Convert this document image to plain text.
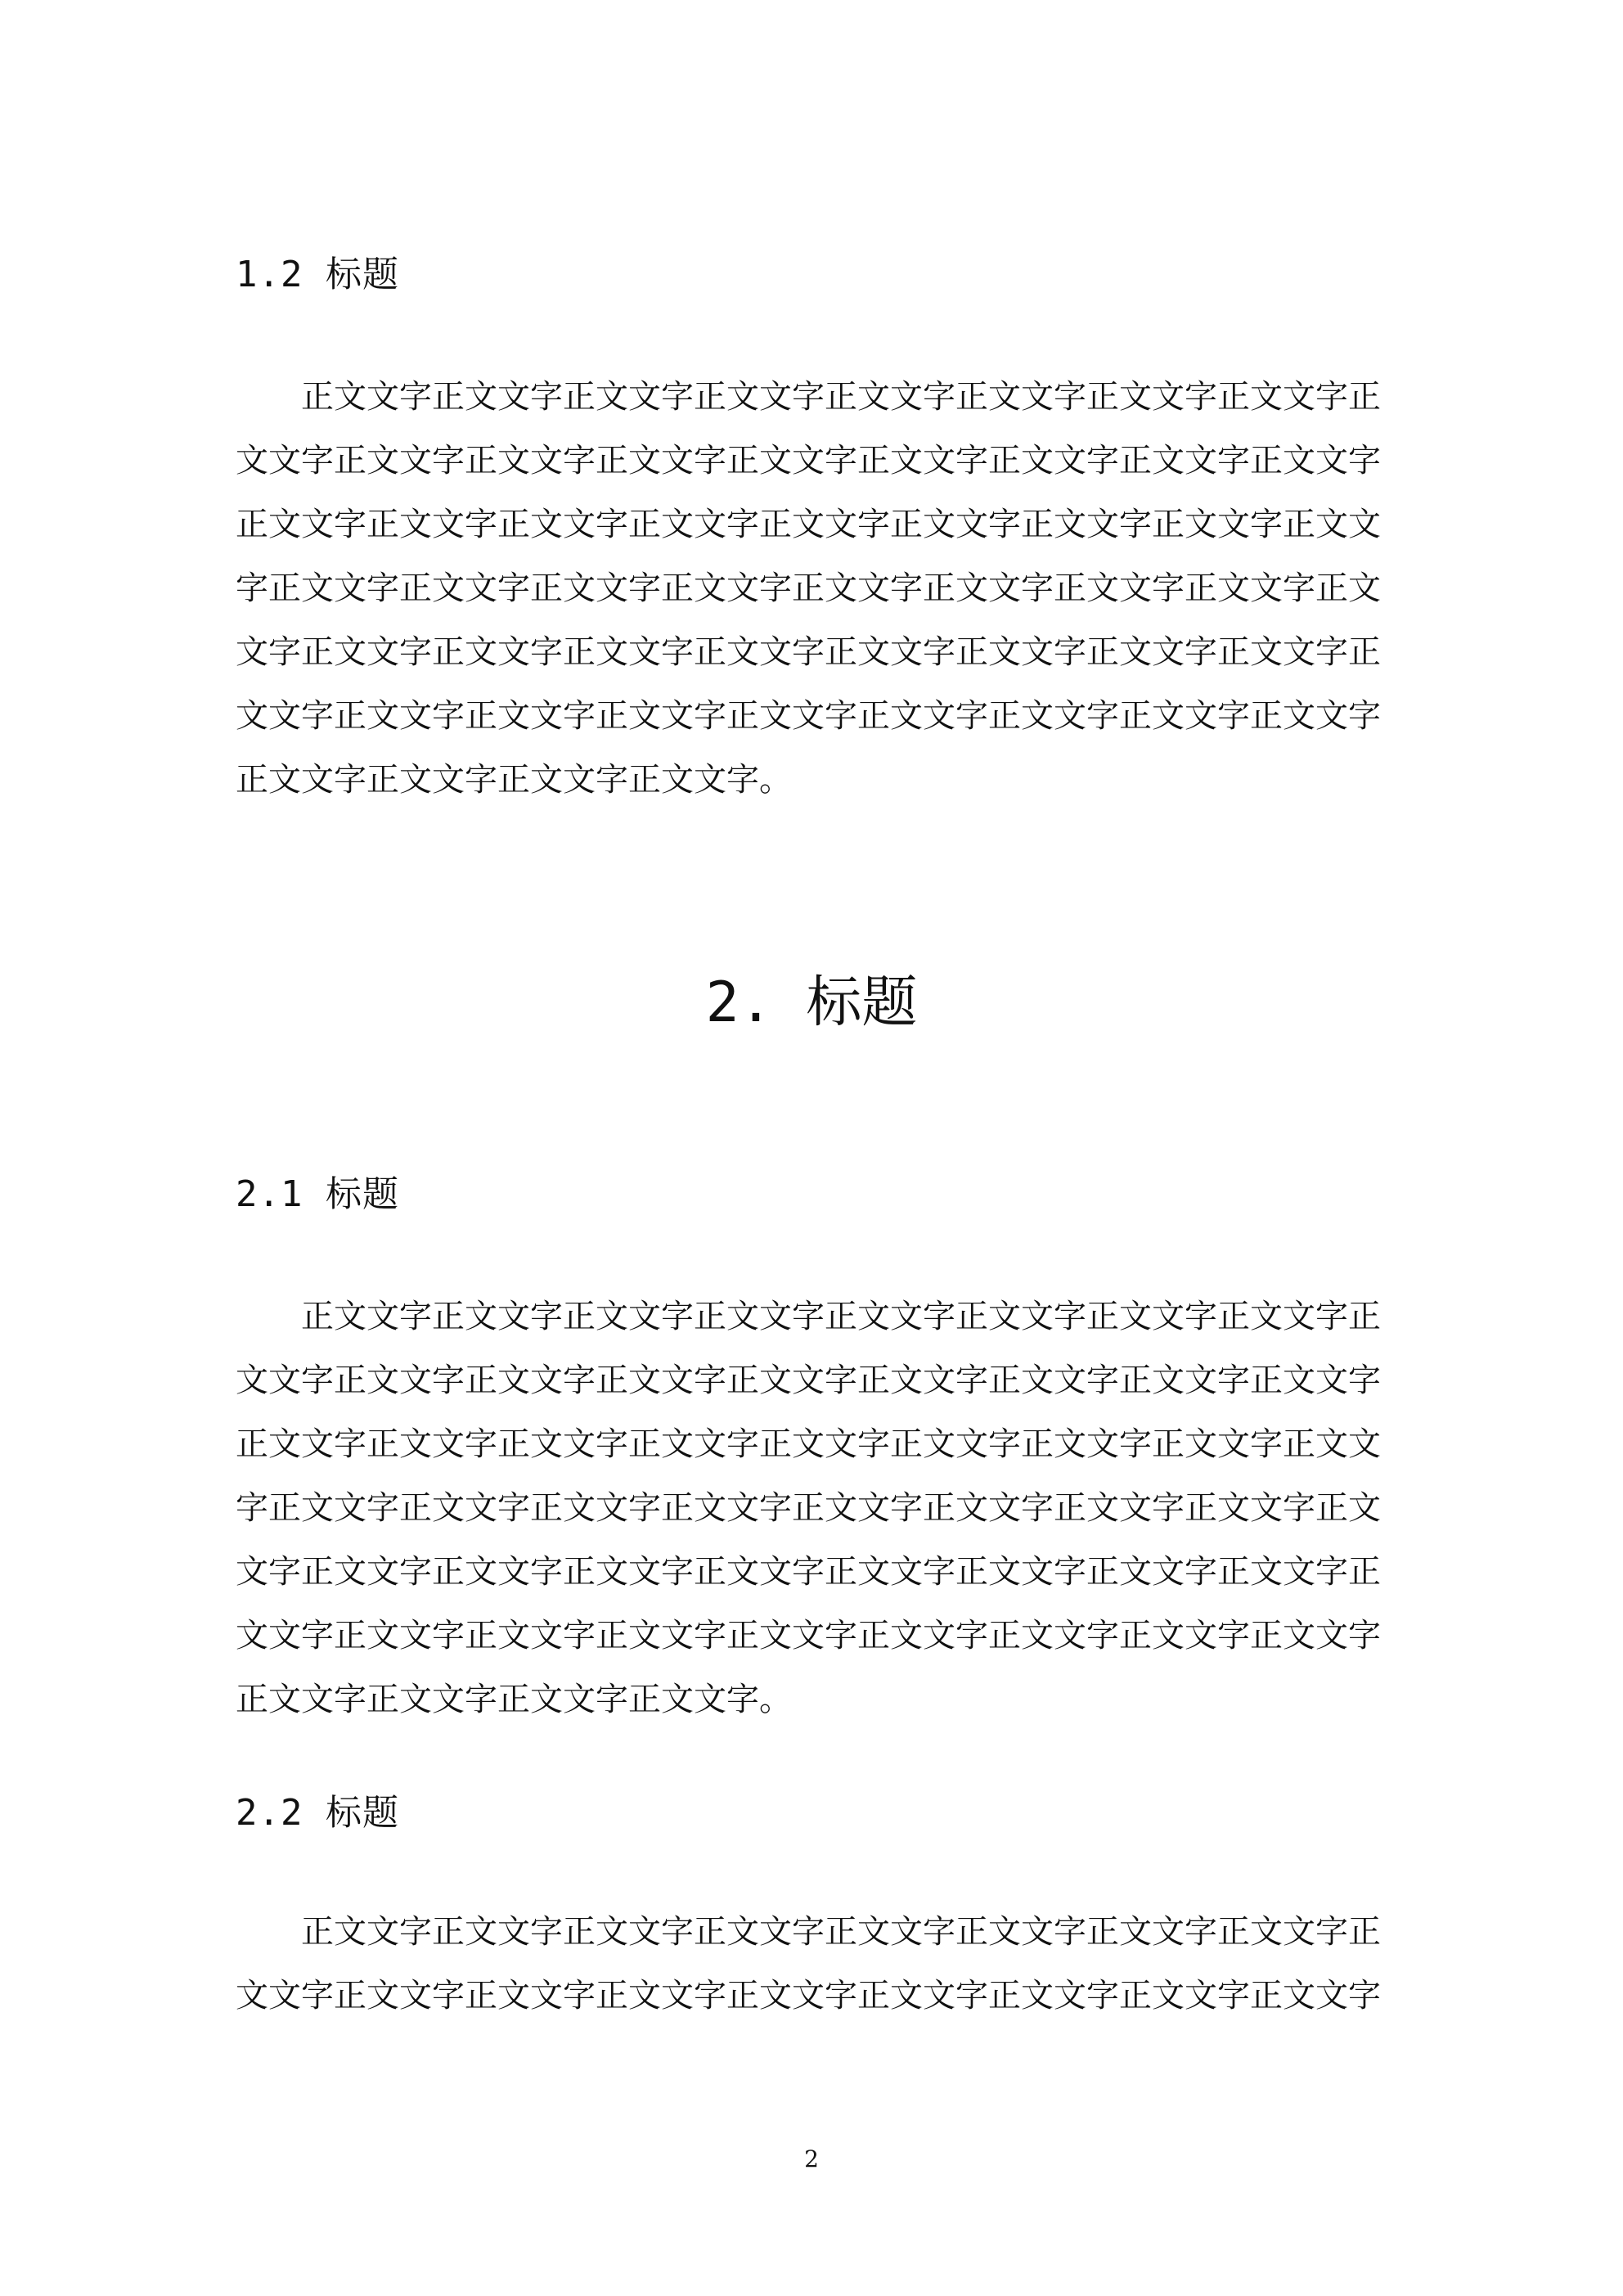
1.2 标题
正文文字正文文字正文文字正文文字正文文字正文文字正文文字正文文字正
文文字正文文字正文文字正文文字正文文字正文文字正文文字正文文字正文文字
正文文字正文文字正文文字正文文字正文文字正文文字正文文字正文文字正文文
字正文文字正文文字正文文字正文文字正文文字正文文字正文文字正文文字正文
文字正文文字正文文字正文文字正文文字正文文字正文文字正文文字正文文字正
文文字正文文字正文文字正文文字正文文字正文文字正文文字正文文字正文文字
正文文字正文文字正文文字正文文字。
2. 标题
2.1 标题
正文文字正文文字正文文字正文文字正文文字正文文字正文文字正文文字正
文文字正文文字正文文字正文文字正文文字正文文字正文文字正文文字正文文字
正文文字正文文字正文文字正文文字正文文字正文文字正文文字正文文字正文文
字正文文字正文文字正文文字正文文字正文文字正文文字正文文字正文文字正文
文字正文文字正文文字正文文字正文文字正文文字正文文字正文文字正文文字正
文文字正文文字正文文字正文文字正文文字正文文字正文文字正文文字正文文字
正文文字正文文字正文文字正文文字。
2.2 标题
正文文字正文文字正文文字正文文字正文文字正文文字正文文字正文文字正
文文字正文文字正文文字正文文字正文文字正文文字正文文字正文文字正文文字
2
